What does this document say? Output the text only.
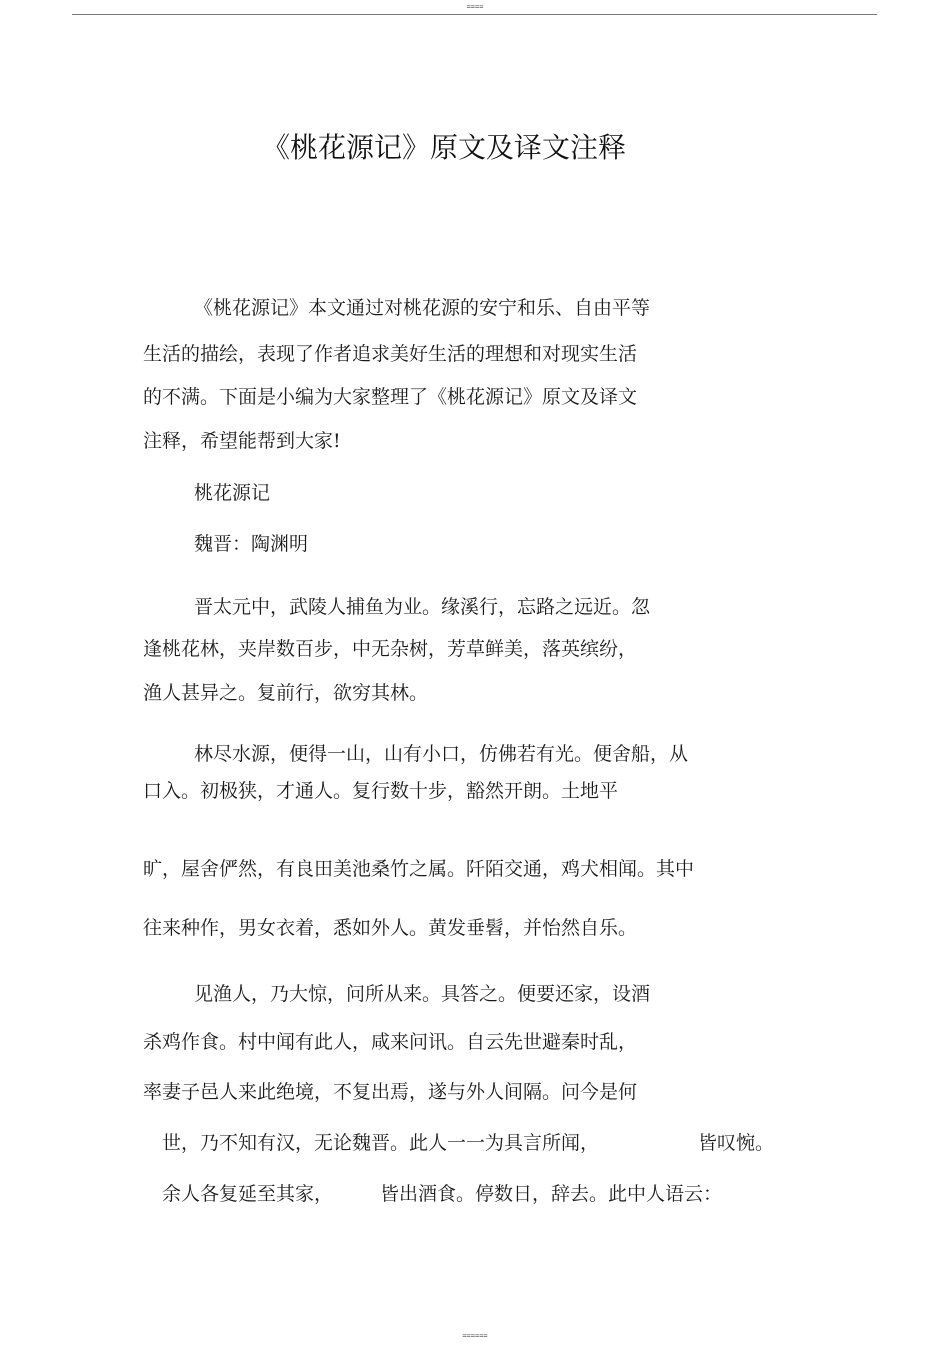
====
《桃花源记》原文及译文注释
《桃花源记》本文通过对桃花源的安宁和乐、自由平等
生活的描绘，表现了作者追求美好生活的理想和对现实生活
的不满。下面是小编为大家整理了《桃花源记》原文及译文
注释，希望能帮到大家!
桃花源记
魏晋：陶渊明
晋太元中，武陵人捕鱼为业。缘溪行，忘路之远近。忽
逢桃花林，夹岸数百步，中无杂树，芳草鲜美，落英缤纷，
渔人甚异之。复前行，欲穷其林。
林尽水源，便得一山，山有小口，仿佛若有光。便舍船，从
口入。初极狭，才通人。复行数十步，豁然开朗。土地平
旷，屋舍俨然，有良田美池桑竹之属。阡陌交通，鸡犬相闻。其中
往来种作，男女衣着，悉如外人。黄发垂髫，并怡然自乐。
见渔人，乃大惊，问所从来。具答之。便要还家，设酒
杀鸡作食。村中闻有此人，咸来问讯。自云先世避秦时乱，
率妻子邑人来此绝境，不复出焉，遂与外人间隔。问今是何
世，乃不知有汉，无论魏晋。此人一一为具言所闻，	皆叹惋。
余人各复延至其家， 皆出酒食。停数日，辞去。此中人语云：
======
